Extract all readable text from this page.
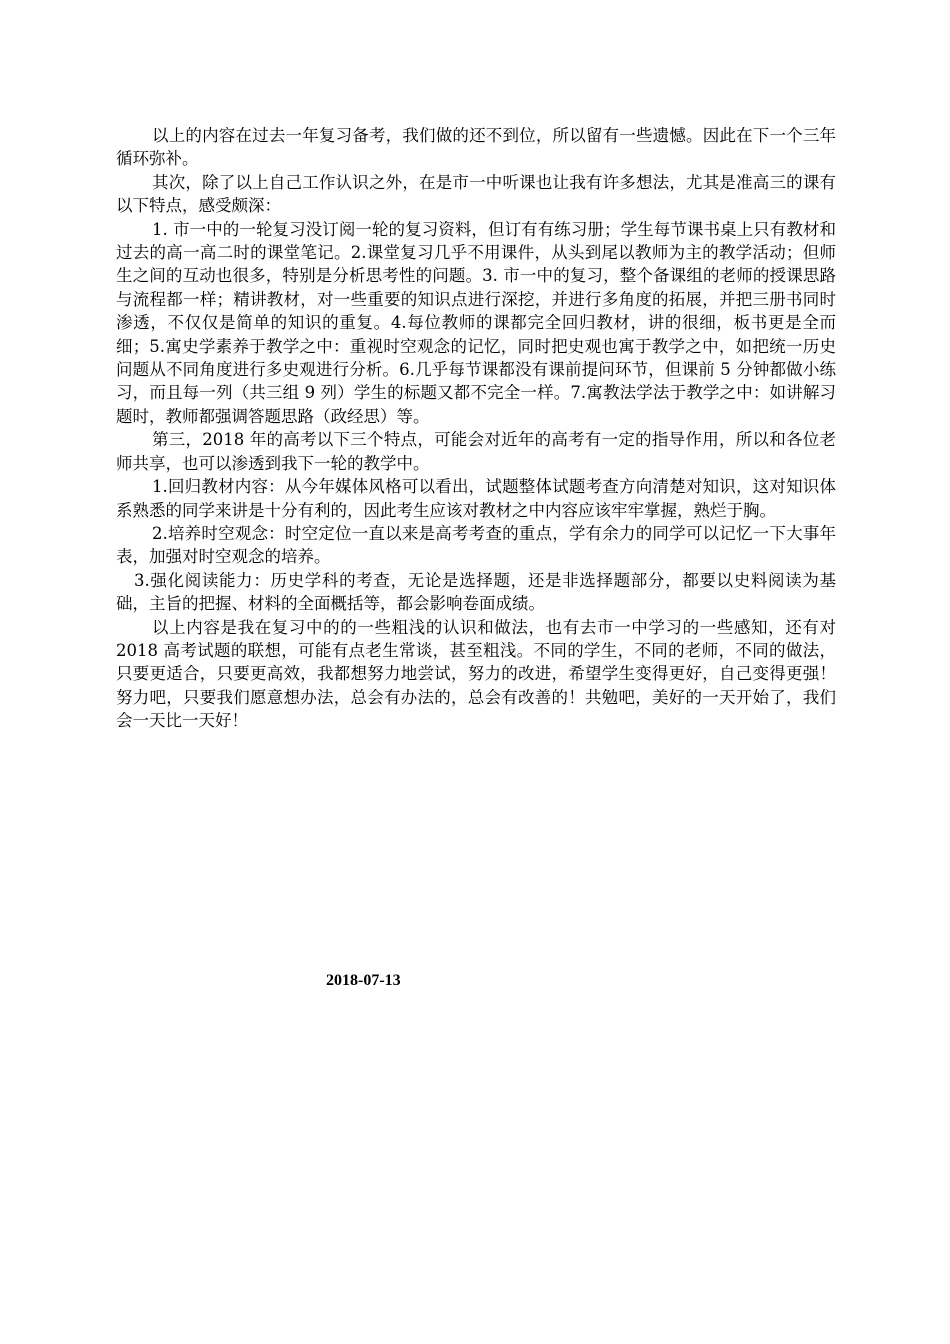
以上的内容在过去一年复习备考，我们做的还不到位，所以留有一些遗憾。因此在下一个三年循环弥补。

其次，除了以上自己工作认识之外，在是市一中听课也让我有许多想法，尤其是准高三的课有以下特点，感受颇深：

1. 市一中的一轮复习没订阅一轮的复习资料，但订有有练习册；学生每节课书桌上只有教材和过去的高一高二时的课堂笔记。2.课堂复习几乎不用课件，从头到尾以教师为主的教学活动；但师生之间的互动也很多，特别是分析思考性的问题。3. 市一中的复习，整个备课组的老师的授课思路与流程都一样；精讲教材，对一些重要的知识点进行深挖，并进行多角度的拓展，并把三册书同时渗透，不仅仅是简单的知识的重复。4.每位教师的课都完全回归教材，讲的很细，板书更是全而细；5.寓史学素养于教学之中：重视时空观念的记忆，同时把史观也寓于教学之中，如把统一历史问题从不同角度进行多史观进行分析。6.几乎每节课都没有课前提问环节，但课前 5 分钟都做小练习，而且每一列（共三组 9 列）学生的标题又都不完全一样。7.寓教法学法于教学之中：如讲解习题时，教师都强调答题思路（政经思）等。

第三，2018 年的高考以下三个特点，可能会对近年的高考有一定的指导作用，所以和各位老师共享，也可以渗透到我下一轮的教学中。

1.回归教材内容：从今年媒体风格可以看出，试题整体试题考查方向清楚对知识，这对知识体系熟悉的同学来讲是十分有利的，因此考生应该对教材之中内容应该牢牢掌握，熟烂于胸。

2.培养时空观念：时空定位一直以来是高考考查的重点，学有余力的同学可以记忆一下大事年表，加强对时空观念的培养。

3.强化阅读能力：历史学科的考查，无论是选择题，还是非选择题部分，都要以史料阅读为基础，主旨的把握、材料的全面概括等，都会影响卷面成绩。

以上内容是我在复习中的的一些粗浅的认识和做法，也有去市一中学习的一些感知，还有对 2018 高考试题的联想，可能有点老生常谈，甚至粗浅。不同的学生，不同的老师，不同的做法，只要更适合，只要更高效，我都想努力地尝试，努力的改进，希望学生变得更好，自己变得更强！努力吧，只要我们愿意想办法，总会有办法的，总会有改善的！共勉吧，美好的一天开始了，我们会一天比一天好！

2018-07-13
